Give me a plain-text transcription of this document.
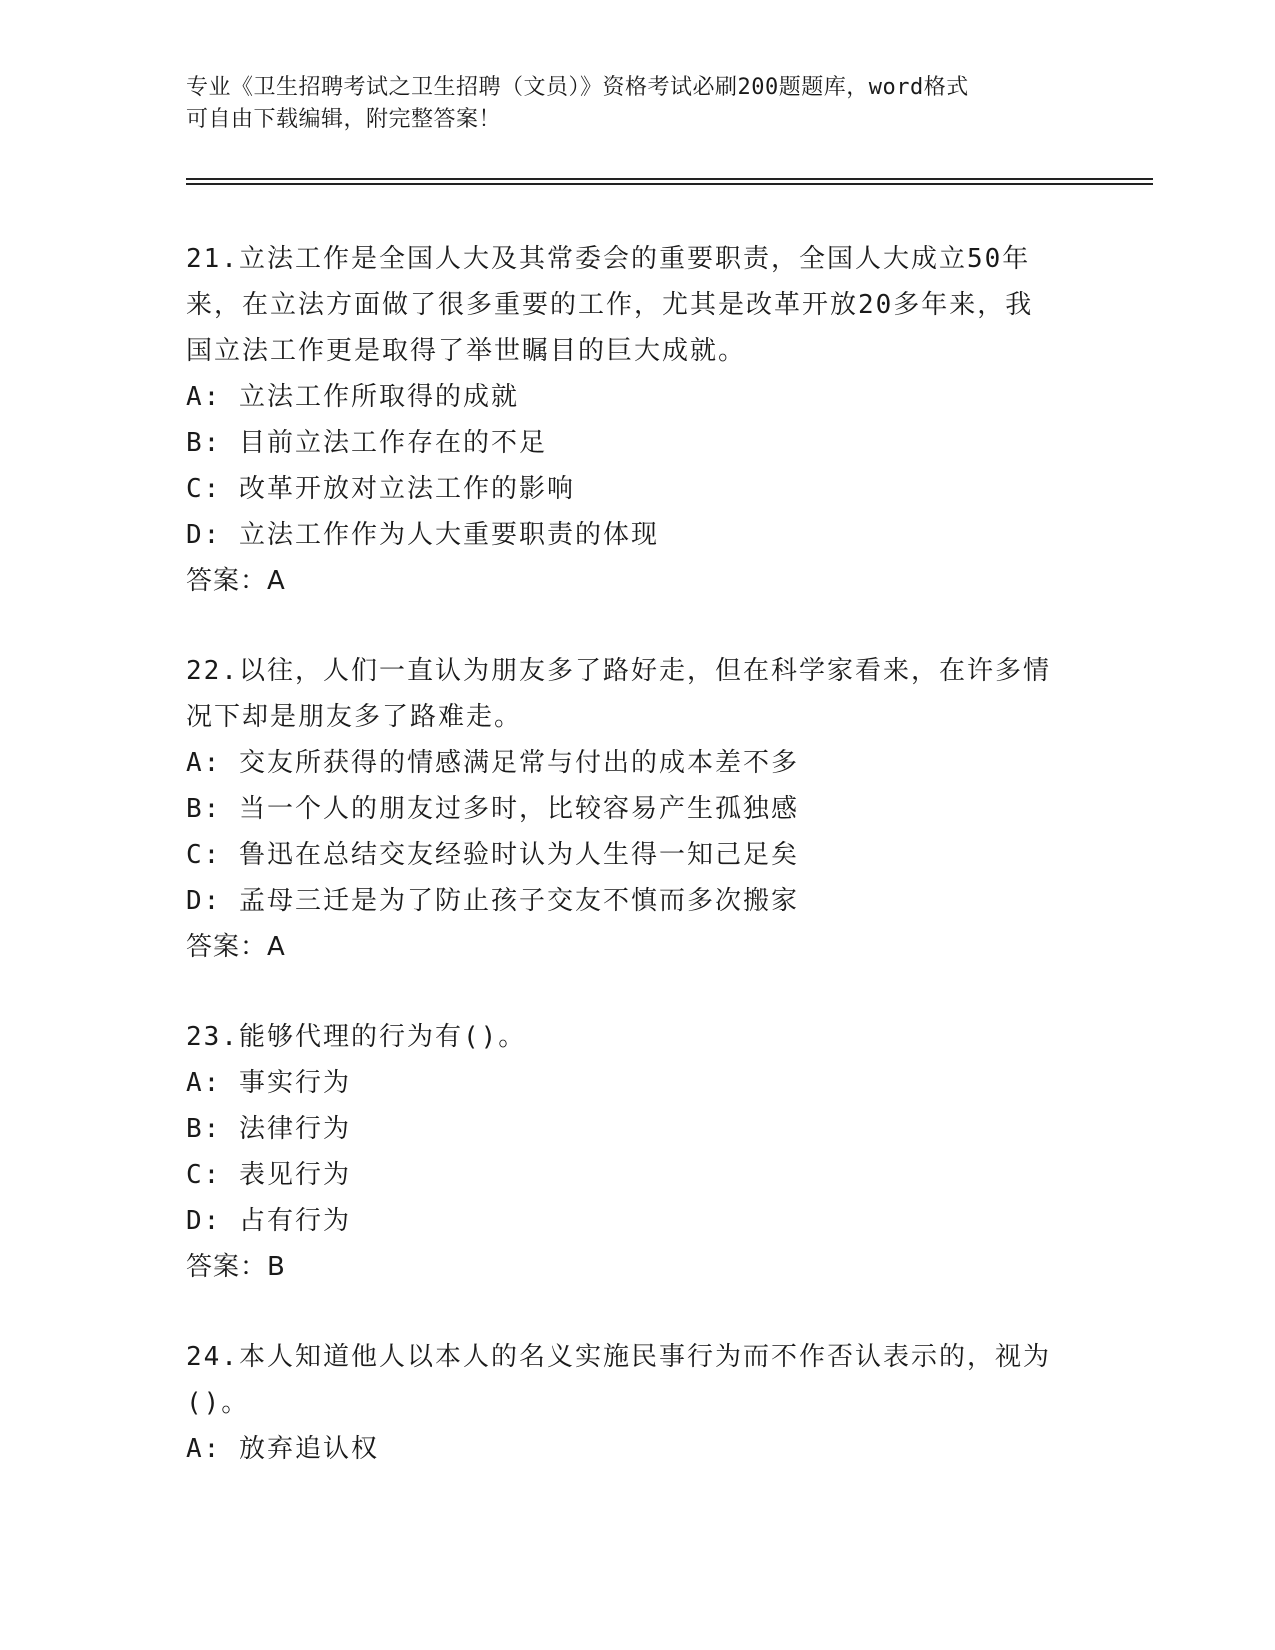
专业《卫生招聘考试之卫生招聘（文员）》资格考试必刷200题题库，word格式
可自由下载编辑，附完整答案！
21.立法工作是全国人大及其常委会的重要职责，全国人大成立50年
来，在立法方面做了很多重要的工作，尤其是改革开放20多年来，我
国立法工作更是取得了举世瞩目的巨大成就。
A: 立法工作所取得的成就
B: 目前立法工作存在的不足
C: 改革开放对立法工作的影响
D: 立法工作作为人大重要职责的体现
答案：A
22.以往，人们一直认为朋友多了路好走，但在科学家看来，在许多情
况下却是朋友多了路难走。
A: 交友所获得的情感满足常与付出的成本差不多
B: 当一个人的朋友过多时，比较容易产生孤独感
C: 鲁迅在总结交友经验时认为人生得一知己足矣
D: 孟母三迁是为了防止孩子交友不慎而多次搬家
答案：A
23.能够代理的行为有()。
A: 事实行为
B: 法律行为
C: 表见行为
D: 占有行为
答案：B
24.本人知道他人以本人的名义实施民事行为而不作否认表示的，视为
()。
A: 放弃追认权
